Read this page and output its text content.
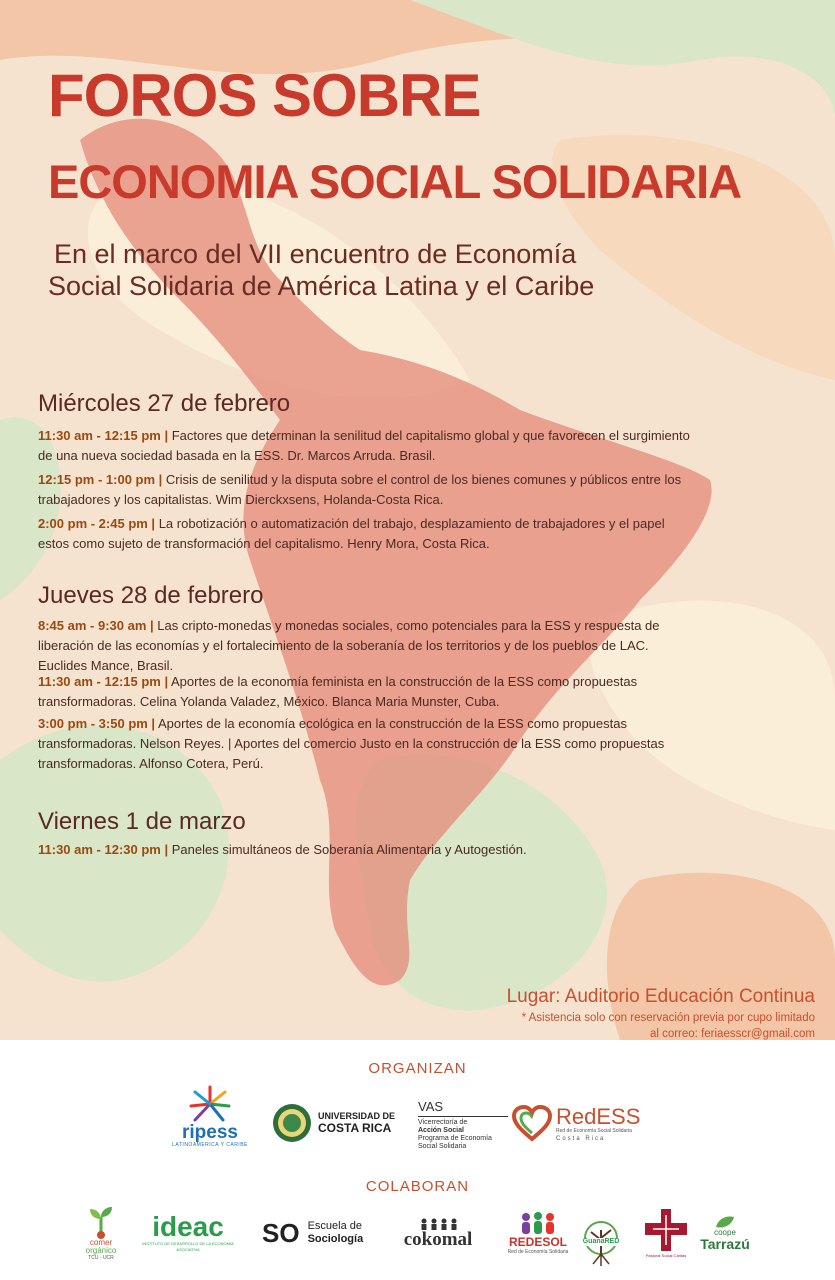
FOROS SOBRE
ECONOMIA SOCIAL SOLIDARIA
En el marco del VII encuentro de Economía
Social Solidaria de América Latina y el Caribe
Miércoles 27 de febrero
11:30 am - 12:15 pm | Factores que determinan la senilitud del capitalismo global y que favorecen el surgimiento de una nueva sociedad basada en la ESS. Dr. Marcos Arruda. Brasil.
12:15 pm - 1:00 pm | Crisis de senilitud y la disputa sobre el control de los bienes comunes y públicos entre los trabajadores y los capitalistas. Wim Dierckxsens, Holanda-Costa Rica.
2:00 pm - 2:45 pm | La robotización o automatización del trabajo, desplazamiento de trabajadores y el papel estos como sujeto de transformación del capitalismo. Henry Mora, Costa Rica.
Jueves 28 de febrero
8:45 am - 9:30 am | Las cripto-monedas y monedas sociales, como potenciales para la ESS y respuesta de liberación de las economías y el fortalecimiento de la soberanía de los territorios y de los pueblos de LAC. Euclides Mance, Brasil.
11:30 am - 12:15 pm | Aportes de la economía feminista en la construcción de la ESS como propuestas transformadoras. Celina Yolanda Valadez, México. Blanca Maria Munster, Cuba.
3:00 pm - 3:50 pm | Aportes de la economía ecológica en la construcción de la ESS como propuestas transformadoras. Nelson Reyes. | Aportes del comercio Justo en la construcción de la ESS como propuestas transformadoras. Alfonso Cotera, Perú.
Viernes 1 de marzo
11:30 am - 12:30 pm | Paneles simultáneos de Soberanía Alimentaria y Autogestión.
Lugar: Auditorio Educación Continua
* Asistencia solo con reservación previa por cupo limitado
al correo: feriaesscr@gmail.com
ORGANIZAN
ripess
LATINOAMERICA Y CARIBE
UNIVERSIDAD DE
COSTA RICA
VAS
Vicerrectoría de
Acción Social
Programa de Economía
Social Solidaria
RedESS
Red de Economía Social Solidaria
Costa Rica
COLABORAN
comer
orgánico
TCU - UCR
ideac
INSTITUTO DE DESARROLLO DE LA ECONOMÍA ASOCIATIVA
SO Escuela de
Sociología cokomal	REDESOL
Red de Economía Solidaria
GuanaRED
Pastoral Social Cáritas
coope
Tarrazú
